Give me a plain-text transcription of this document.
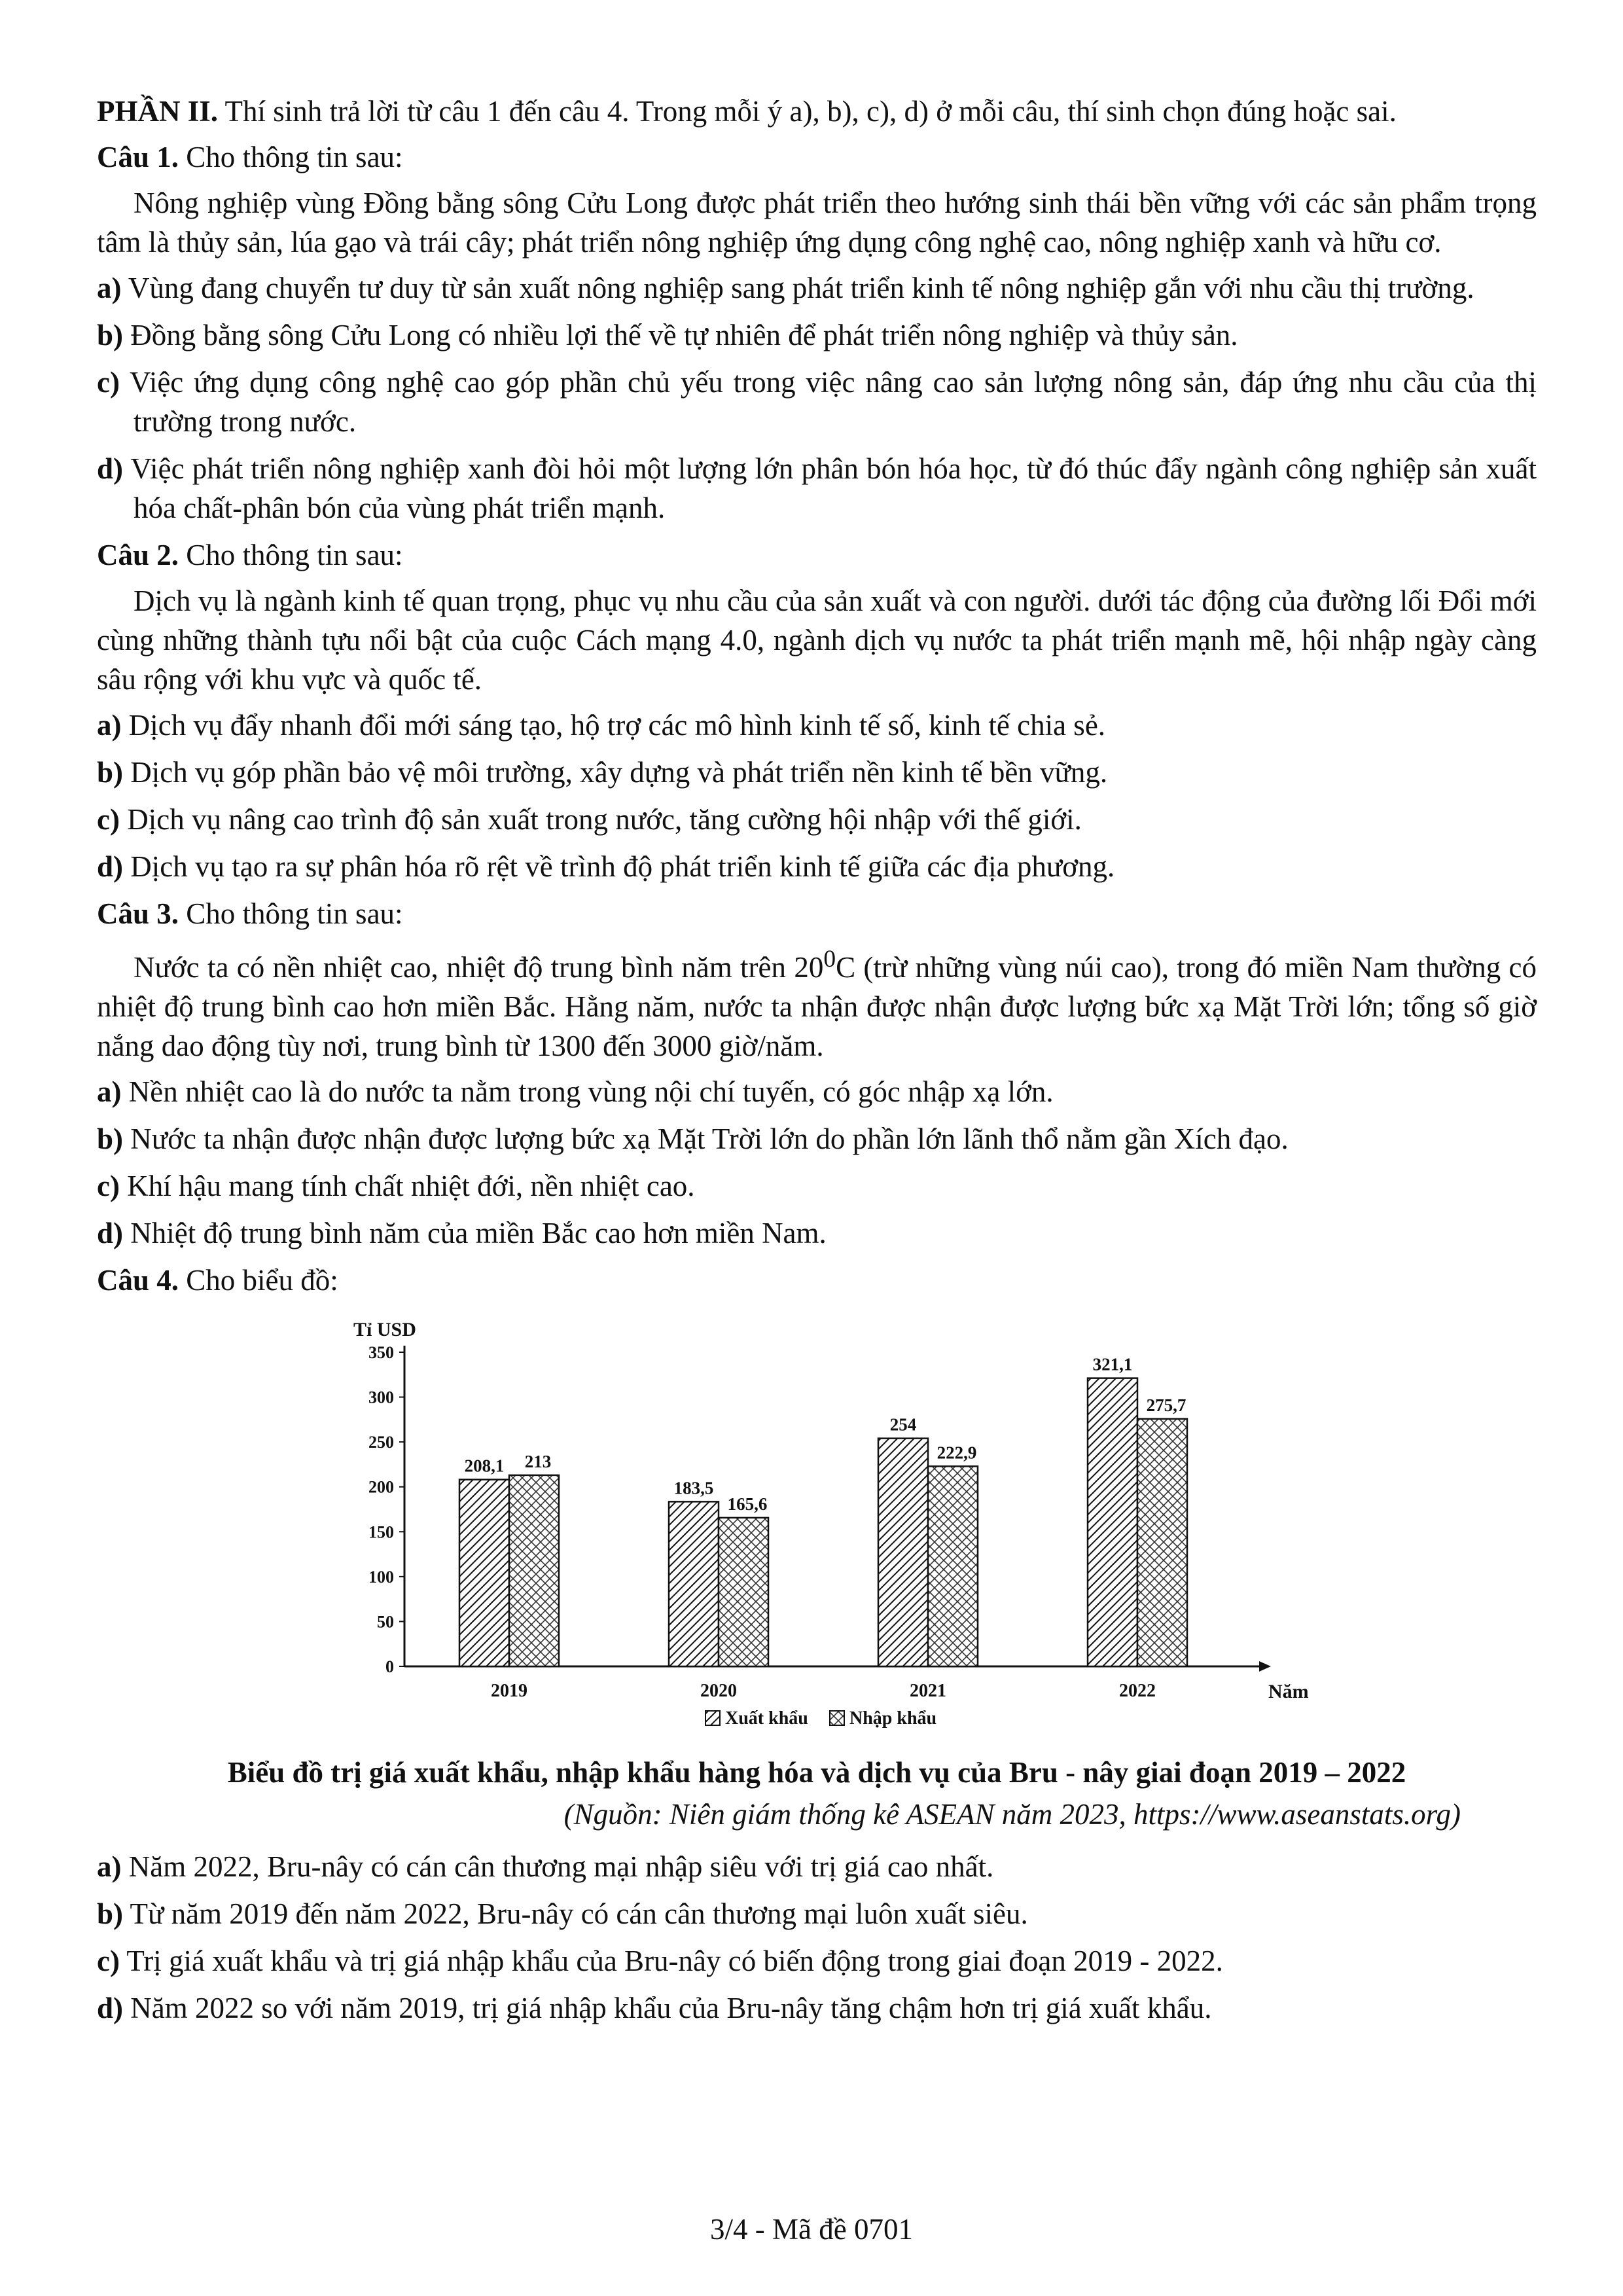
PHẦN II. Thí sinh trả lời từ câu 1 đến câu 4. Trong mỗi ý a), b), c), d) ở mỗi câu, thí sinh chọn đúng hoặc sai.

Câu 1. Cho thông tin sau:

Nông nghiệp vùng Đồng bằng sông Cửu Long được phát triển theo hướng sinh thái bền vững với các sản phẩm trọng tâm là thủy sản, lúa gạo và trái cây; phát triển nông nghiệp ứng dụng công nghệ cao, nông nghiệp xanh và hữu cơ.

a) Vùng đang chuyển tư duy từ sản xuất nông nghiệp sang phát triển kinh tế nông nghiệp gắn với nhu cầu thị trường.

b) Đồng bằng sông Cửu Long có nhiều lợi thế về tự nhiên để phát triển nông nghiệp và thủy sản.

c) Việc ứng dụng công nghệ cao góp phần chủ yếu trong việc nâng cao sản lượng nông sản, đáp ứng nhu cầu của thị trường trong nước.

d) Việc phát triển nông nghiệp xanh đòi hỏi một lượng lớn phân bón hóa học, từ đó thúc đẩy ngành công nghiệp sản xuất hóa chất-phân bón của vùng phát triển mạnh.

Câu 2. Cho thông tin sau:

Dịch vụ là ngành kinh tế quan trọng, phục vụ nhu cầu của sản xuất và con người. dưới tác động của đường lối Đổi mới cùng những thành tựu nổi bật của cuộc Cách mạng 4.0, ngành dịch vụ nước ta phát triển mạnh mẽ, hội nhập ngày càng sâu rộng với khu vực và quốc tế.

a) Dịch vụ đẩy nhanh đổi mới sáng tạo, hộ trợ các mô hình kinh tế số, kinh tế chia sẻ.

b) Dịch vụ góp phần bảo vệ môi trường, xây dựng và phát triển nền kinh tế bền vững.

c) Dịch vụ nâng cao trình độ sản xuất trong nước, tăng cường hội nhập với thế giới.

d) Dịch vụ tạo ra sự phân hóa rõ rệt về trình độ phát triển kinh tế giữa các địa phương.

Câu 3. Cho thông tin sau:

Nước ta có nền nhiệt cao, nhiệt độ trung bình năm trên $20^0C$ (trừ những vùng núi cao), trong đó miền Nam thường có nhiệt độ trung bình cao hơn miền Bắc. Hằng năm, nước ta nhận được nhận được lượng bức xạ Mặt Trời lớn; tổng số giờ nắng dao động tùy nơi, trung bình từ 1300 đến 3000 giờ/năm.

a) Nền nhiệt cao là do nước ta nằm trong vùng nội chí tuyến, có góc nhập xạ lớn.

b) Nước ta nhận được nhận được lượng bức xạ Mặt Trời lớn do phần lớn lãnh thổ nằm gần Xích đạo.

c) Khí hậu mang tính chất nhiệt đới, nền nhiệt cao.

d) Nhiệt độ trung bình năm của miền Bắc cao hơn miền Nam.

Câu 4. Cho biểu đồ:

Tỉ USD
0
50
100
150
200
250
300
350
Năm
2019
208,1 213
2020
183,5
165,6
2021
254
222,9
2022
321,1
275,7
Xuất khẩu Nhập khẩu

Biểu đồ trị giá xuất khẩu, nhập khẩu hàng hóa và dịch vụ của Bru - nây giai đoạn 2019 – 2022

(Nguồn: Niên giám thống kê ASEAN năm 2023, https://www.aseanstats.org)

a) Năm 2022, Bru-nây có cán cân thương mại nhập siêu với trị giá cao nhất.

b) Từ năm 2019 đến năm 2022, Bru-nây có cán cân thương mại luôn xuất siêu.

c) Trị giá xuất khẩu và trị giá nhập khẩu của Bru-nây có biến động trong giai đoạn 2019 - 2022.

d) Năm 2022 so với năm 2019, trị giá nhập khẩu của Bru-nây tăng chậm hơn trị giá xuất khẩu.

3/4 - Mã đề 0701
